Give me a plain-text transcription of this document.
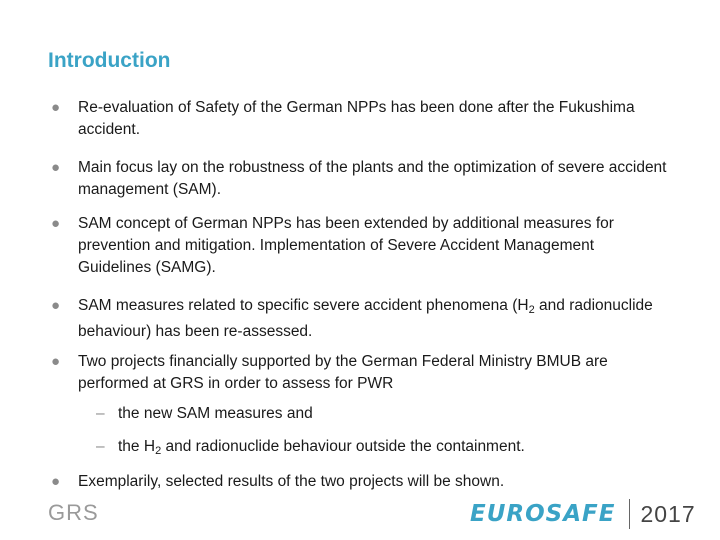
Introduction
● Re-evaluation of Safety of the German NPPs has been done after the Fukushima accident.
● Main focus lay on the robustness of the plants and the optimization of severe accident management (SAM).
● SAM concept of German NPPs has been extended by additional measures for prevention and mitigation. Implementation of Severe Accident Management Guidelines (SAMG).
● SAM measures related to specific severe accident phenomena ($H_2$ and radionuclide behaviour) has been re-assessed.
● Two projects financially supported by the German Federal Ministry BMUB are performed at GRS in order to assess for PWR
– the new SAM measures and
– the $H_2$ and radionuclide behaviour outside the containment.
● Exemplarily, selected results of the two projects will be shown.
GRS	EUROSAFE 2017
